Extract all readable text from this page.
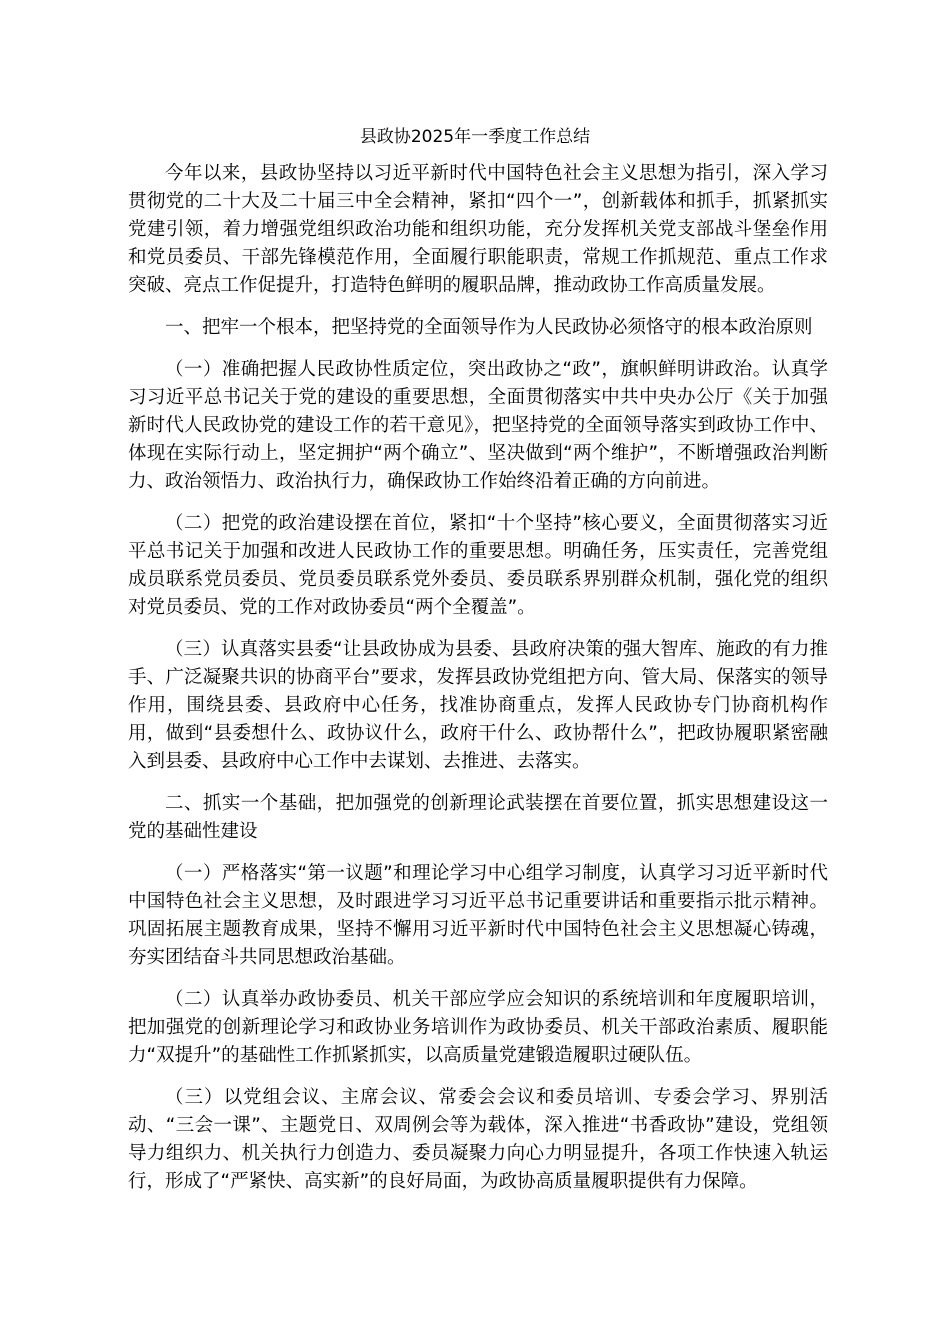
县政协2025年一季度工作总结

今年以来，县政协坚持以习近平新时代中国特色社会主义思想为指引，深入学习贯彻党的二十大及二十届三中全会精神，紧扣“四个一”，创新载体和抓手，抓紧抓实党建引领，着力增强党组织政治功能和组织功能，充分发挥机关党支部战斗堡垒作用和党员委员、干部先锋模范作用，全面履行职能职责，常规工作抓规范、重点工作求突破、亮点工作促提升，打造特色鲜明的履职品牌，推动政协工作高质量发展。

一、把牢一个根本，把坚持党的全面领导作为人民政协必须恪守的根本政治原则

（一）准确把握人民政协性质定位，突出政协之“政”，旗帜鲜明讲政治。认真学习习近平总书记关于党的建设的重要思想，全面贯彻落实中共中央办公厅《关于加强新时代人民政协党的建设工作的若干意见》，把坚持党的全面领导落实到政协工作中、体现在实际行动上，坚定拥护“两个确立”、坚决做到“两个维护”，不断增强政治判断力、政治领悟力、政治执行力，确保政协工作始终沿着正确的方向前进。

（二）把党的政治建设摆在首位，紧扣“十个坚持”核心要义，全面贯彻落实习近平总书记关于加强和改进人民政协工作的重要思想。明确任务，压实责任，完善党组成员联系党员委员、党员委员联系党外委员、委员联系界别群众机制，强化党的组织对党员委员、党的工作对政协委员“两个全覆盖”。

（三）认真落实县委“让县政协成为县委、县政府决策的强大智库、施政的有力推手、广泛凝聚共识的协商平台”要求，发挥县政协党组把方向、管大局、保落实的领导作用，围绕县委、县政府中心任务，找准协商重点，发挥人民政协专门协商机构作用，做到“县委想什么、政协议什么，政府干什么、政协帮什么”，把政协履职紧密融入到县委、县政府中心工作中去谋划、去推进、去落实。

二、抓实一个基础，把加强党的创新理论武装摆在首要位置，抓实思想建设这一党的基础性建设

（一）严格落实“第一议题”和理论学习中心组学习制度，认真学习习近平新时代中国特色社会主义思想，及时跟进学习习近平总书记重要讲话和重要指示批示精神。巩固拓展主题教育成果，坚持不懈用习近平新时代中国特色社会主义思想凝心铸魂，夯实团结奋斗共同思想政治基础。

（二）认真举办政协委员、机关干部应学应会知识的系统培训和年度履职培训，把加强党的创新理论学习和政协业务培训作为政协委员、机关干部政治素质、履职能力“双提升”的基础性工作抓紧抓实，以高质量党建锻造履职过硬队伍。

（三）以党组会议、主席会议、常委会会议和委员培训、专委会学习、界别活动、“三会一课”、主题党日、双周例会等为载体，深入推进“书香政协”建设，党组领导力组织力、机关执行力创造力、委员凝聚力向心力明显提升，各项工作快速入轨运行，形成了“严紧快、高实新”的良好局面，为政协高质量履职提供有力保障。
